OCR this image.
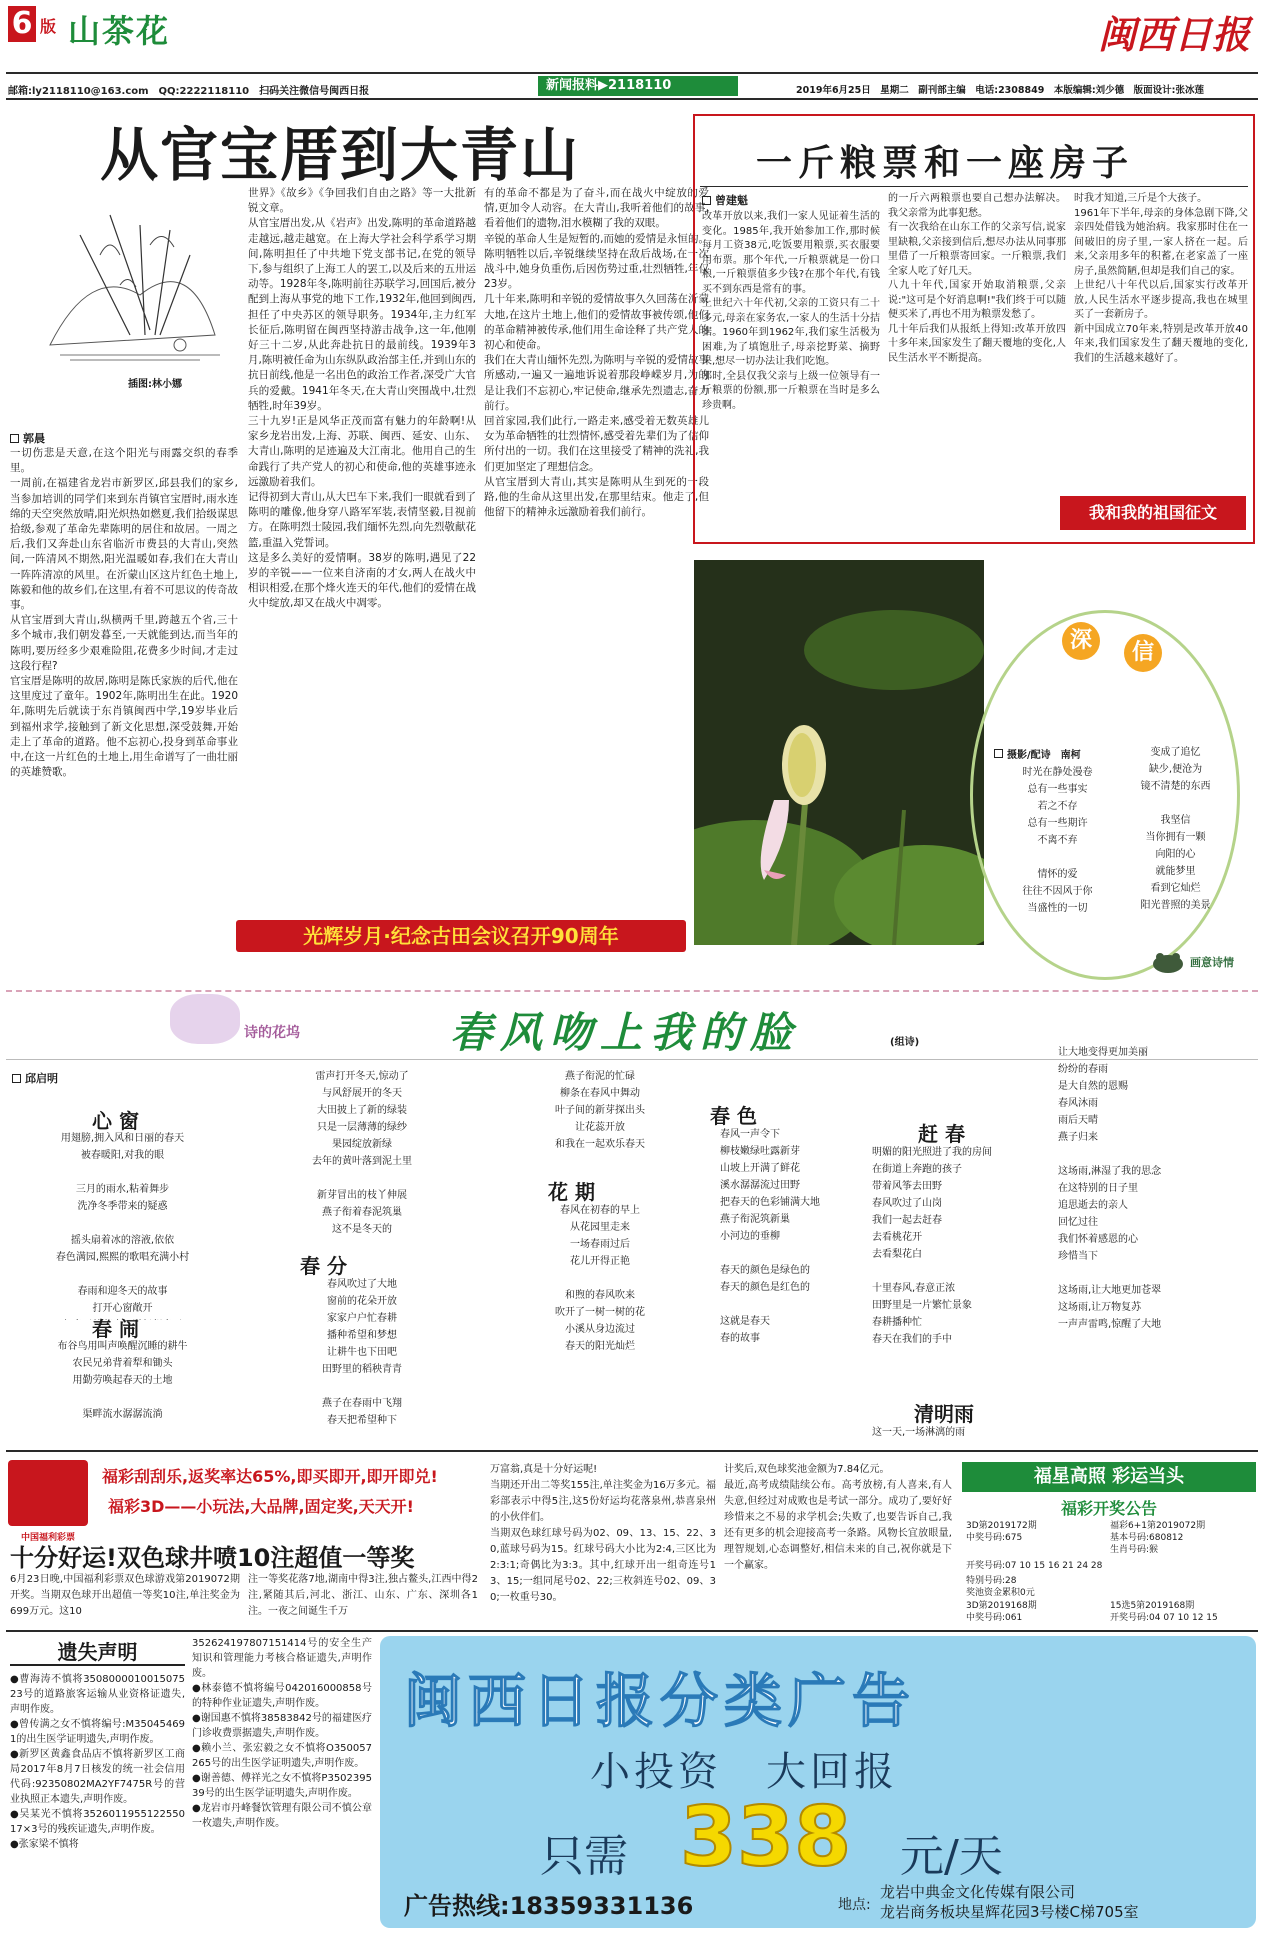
6 版 山茶花	闽西日报
邮箱:ly2118110@163.com　QQ:2222118110　扫码关注微信号闽西日报	新闻报料▶2118110	2019年6月25日　星期二　副刊部主编　电话:2308849　本版编辑:刘少德　版面设计:张冰莲
从官宝厝到大青山
插图:林小娜
郭晨
一切伤悲是天意,在这个阳光与雨露交织的春季里。
一周前,在福建省龙岩市新罗区,邱县我们的家乡,当参加培训的同学们来到东肖镇官宝厝时,雨水连绵的天空突然放晴,阳光炽热如燃夏,我们拾级谋思拾级,参观了革命先辈陈明的居住和故居。一周之后,我们又奔赴山东省临沂市费县的大青山,突然间,一阵清风不期然,阳光温暖如春,我们在大青山一阵阵清凉的风里。在沂蒙山区这片红色土地上,陈毅和他的故乡们,在这里,有着不可思议的传奇故事。
从官宝厝到大青山,纵横两千里,跨越五个省,三十多个城市,我们朝发暮至,一天就能到达,而当年的陈明,要历经多少艰难险阻,花费多少时间,才走过这段行程?
官宝厝是陈明的故居,陈明是陈氏家族的后代,他在这里度过了童年。1902年,陈明出生在此。1920年,陈明先后就读于东肖镇闽西中学,19岁毕业后到福州求学,接触到了新文化思想,深受鼓舞,开始走上了革命的道路。他不忘初心,投身到革命事业中,在这一片红色的土地上,用生命谱写了一曲壮丽的英雄赞歌。
世界》《故乡》《争回我们自由之路》等一大批新锐文章。
从官宝厝出发,从《岩声》出发,陈明的革命道路越走越远,越走越宽。在上海大学社会科学系学习期间,陈明担任了中共地下党支部书记,在党的领导下,参与组织了上海工人的罢工,以及后来的五卅运动等。1928年冬,陈明前往苏联学习,回国后,被分配到上海从事党的地下工作,1932年,他回到闽西,担任了中央苏区的领导职务。1934年,主力红军长征后,陈明留在闽西坚持游击战争,这一年,他刚好三十二岁,从此奔赴抗日的最前线。1939年3月,陈明被任命为山东纵队政治部主任,并到山东的抗日前线,他是一名出色的政治工作者,深受广大官兵的爱戴。1941年冬天,在大青山突围战中,壮烈牺牲,时年39岁。
三十九岁!正是风华正茂而富有魅力的年龄啊!从家乡龙岩出发,上海、苏联、闽西、延安、山东、大青山,陈明的足迹遍及大江南北。他用自己的生命践行了共产党人的初心和使命,他的英雄事迹永远激励着我们。
记得初到大青山,从大巴车下来,我们一眼就看到了陈明的雕像,他身穿八路军军装,表情坚毅,目视前方。在陈明烈士陵园,我们缅怀先烈,向先烈敬献花篮,重温入党誓词。
这是多么美好的爱情啊。38岁的陈明,遇见了22岁的辛锐——一位来自济南的才女,两人在战火中相识相爱,在那个烽火连天的年代,他们的爱情在战火中绽放,却又在战火中凋零。
有的革命不都是为了奋斗,而在战火中绽放的爱情,更加令人动容。在大青山,我听着他们的故事,看着他们的遗物,泪水模糊了我的双眼。
辛锐的革命人生是短暂的,而她的爱情是永恒的。陈明牺牲以后,辛锐继续坚持在敌后战场,在一次战斗中,她身负重伤,后因伤势过重,壮烈牺牲,年仅23岁。
几十年来,陈明和辛锐的爱情故事久久回荡在沂蒙大地,在这片土地上,他们的爱情故事被传颂,他们的革命精神被传承,他们用生命诠释了共产党人的初心和使命。
我们在大青山缅怀先烈,为陈明与辛锐的爱情故事所感动,一遍又一遍地诉说着那段峥嵘岁月,为的是让我们不忘初心,牢记使命,继承先烈遗志,奋力前行。
回首家园,我们此行,一路走来,感受着无数英雄儿女为革命牺牲的壮烈情怀,感受着先辈们为了信仰所付出的一切。我们在这里接受了精神的洗礼,我们更加坚定了理想信念。
从官宝厝到大青山,其实是陈明从生到死的一段路,他的生命从这里出发,在那里结束。他走了,但他留下的精神永远激励着我们前行。
光辉岁月·纪念古田会议召开90周年
一斤粮票和一座房子
曾建魁
改革开放以来,我们一家人见证着生活的变化。1985年,我开始参加工作,那时候每月工资38元,吃饭要用粮票,买衣服要用布票。那个年代,一斤粮票就是一份口粮,一斤粮票值多少钱?在那个年代,有钱买不到东西是常有的事。
上世纪六十年代初,父亲的工资只有二十多元,母亲在家务农,一家人的生活十分拮据。1960年到1962年,我们家生活极为困难,为了填饱肚子,母亲挖野菜、摘野果,想尽一切办法让我们吃饱。
那时,全县仅我父亲与上级一位领导有一斤粮票的份额,那一斤粮票在当时是多么珍贵啊。
的一斤六两粮票也要自己想办法解决。我父亲常为此事犯愁。
有一次我给在山东工作的父亲写信,说家里缺粮,父亲接到信后,想尽办法从同事那里借了一斤粮票寄回家。一斤粮票,我们全家人吃了好几天。
八九十年代,国家开始取消粮票,父亲说:"这可是个好消息啊!"我们终于可以随便买米了,再也不用为粮票发愁了。
几十年后我们从报纸上得知:改革开放四十多年来,国家发生了翻天覆地的变化,人民生活水平不断提高。
时我才知道,三斤是个大孩子。
1961年下半年,母亲的身体急剧下降,父亲四处借钱为她治病。我家那时住在一间破旧的房子里,一家人挤在一起。后来,父亲用多年的积蓄,在老家盖了一座房子,虽然简陋,但却是我们自己的家。
上世纪八十年代以后,国家实行改革开放,人民生活水平逐步提高,我也在城里买了一套新房子。
新中国成立70年来,特别是改革开放40年来,我们国家发生了翻天覆地的变化,我们的生活越来越好了。
我和我的祖国征文
深	信
摄影/配诗　南柯
时光在静处漫卷
总有一些事实
若之不存
总有一些期许
不离不弃

情怀的爱
往往不因风于你
当盛性的一切
变成了追忆
缺少,便沧为
镜不清楚的东西

我坚信
当你拥有一颗
向阳的心
就能梦里
看到它灿烂
阳光普照的美景
画意诗情
诗的花坞	春风吻上我的脸	(组诗)
邱启明
心 窗
用翅膀,拥入风和日丽的春天
被春暖阳,对我的眼

三月的雨水,粘着舞步
洗净冬季带来的疑惑

摇头扇着冰的溶液,依依
春色满园,熙熙的歌唱充满小村

春雨和迎冬天的故事
打开心窗敞开

春 闹
布谷鸟用叫声唤醒沉睡的耕牛
农民兄弟背着犁和锄头
用勤劳唤起春天的土地

渠畔流水潺潺流淌

雷声打开冬天,惊动了
与风舒展开的冬天
大田披上了新的绿装
只是一层薄薄的绿纱
果园绽放新绿
去年的黄叶落到泥土里

新芽冒出的枝丫伸展
燕子衔着春泥筑巢
这不是冬天的

春 分
春风吹过了大地
窗前的花朵开放
家家户户忙春耕
播种希望和梦想
让耕牛也下田吧
田野里的稻秧青青

燕子在春雨中飞翔
春天把希望种下

燕子衔泥的忙碌
柳条在春风中舞动
叶子间的新芽探出头
让花蕊开放
和我在一起欢乐春天

花 期
春风在初春的早上
从花园里走来
一场春雨过后
花儿开得正艳

和煦的春风吹来
吹开了一树一树的花
小溪从身边流过
春天的阳光灿烂

春 色
春风一声令下
柳枝嫩绿吐露新芽
山坡上开满了鲜花
溪水潺潺流过田野
把春天的色彩铺满大地
燕子衔泥筑新巢
小河边的垂柳

春天的颜色是绿色的
春天的颜色是红色的

这就是春天
春的故事
赶 春
明媚的阳光照进了我的房间
在街道上奔跑的孩子
带着风筝去田野
春风吹过了山岗
我们一起去赶春
去看桃花开
去看梨花白

十里春风,春意正浓
田野里是一片繁忙景象
春耕播种忙
春天在我们的手中

清明雨
这一天,一场淋漓的雨
让大地变得更加美丽
纷纷的春雨
是大自然的恩赐
春风沐雨
雨后天晴
燕子归来

这场雨,淋湿了我的思念
在这特别的日子里
追思逝去的亲人
回忆过往
我们怀着感恩的心
珍惜当下

这场雨,让大地更加苍翠
这场雨,让万物复苏
一声声雷鸣,惊醒了大地
中国福利彩票
福彩刮刮乐,返奖率达65%,即买即开,即开即兑!
福彩3D——小玩法,大品牌,固定奖,天天开!
十分好运!双色球井喷10注超值一等奖
6月23日晚,中国福利彩票双色球游戏第2019072期开奖。当期双色球开出超值一等奖10注,单注奖金为699万元。这10
注一等奖花落7地,湖南中得3注,独占鳌头,江西中得2注,紧随其后,河北、浙江、山东、广东、深圳各1注。一夜之间诞生千万
万富翁,真是十分好运呢!
当期还开出二等奖155注,单注奖金为16万多元。福彩部表示中得5注,这5份好运均花落泉州,恭喜泉州的小伙伴们。
当期双色球红球号码为02、09、13、15、22、30,蓝球号码为15。红球号码大小比为2:4,三区比为2:3:1;奇偶比为3:3。其中,红球开出一组奇连号13、15;一组同尾号02、22;三枚斜连号02、09、30;一枚重号30。
计奖后,双色球奖池金额为7.84亿元。
最近,高考成绩陆续公布。高考放榜,有人喜来,有人失意,但经过对成败也是考试一部分。成功了,要好好珍惜来之不易的求学机会;失败了,也要告诉自己,我还有更多的机会迎接高考一条路。风物长宜放眼量,理智规划,心态调整好,相信未来的自己,祝你就是下一个赢家。
福星高照 彩运当头
福彩开奖公告
3D第2019172期
中奖号码:675
福彩6+1第2019072期
基本号码:680812
生肖号码:猴
开奖号码:07 10 15 16 21 24 28
特别号码:28
奖池资金累积0元
3D第2019168期
中奖号码:061
15选5第2019168期
开奖号码:04 07 10 12 15
遗失声明
●曹海涛不慎将350800001001507523号的道路旅客运输从业资格证遗失,声明作废。
●曾传满之女不慎将编号:M350454691的出生医学证明遗失,声明作废。
●新罗区黄鑫食品店不慎将新罗区工商局2017年8月7日核发的统一社会信用代码:92350802MA2YF7475R号的营业执照正本遗失,声明作废。
●吴某光不慎将352601195512255017×3号的残疾证遗失,声明作废。
●张家梁不慎将
352624197807151414号的安全生产知识和管理能力考核合格证遗失,声明作废。
●林泰德不慎将编号042016000858号的特种作业证遗失,声明作废。
●谢国惠不慎将38583842号的福建医疗门诊收费票据遗失,声明作废。
●赖小兰、张宏毅之女不慎将O350057265号的出生医学证明遗失,声明作废。
●谢善德、傅祥光之女不慎将P350239539号的出生医学证明遗失,声明作废。
●龙岩市丹峰餐饮管理有限公司不慎公章一枚遗失,声明作废。
闽西日报分类广告
小投资　大回报
只需 338 元/天
广告热线:18359331136	地点:
龙岩中典金文化传媒有限公司
龙岩商务板块星辉花园3号楼C梯705室
